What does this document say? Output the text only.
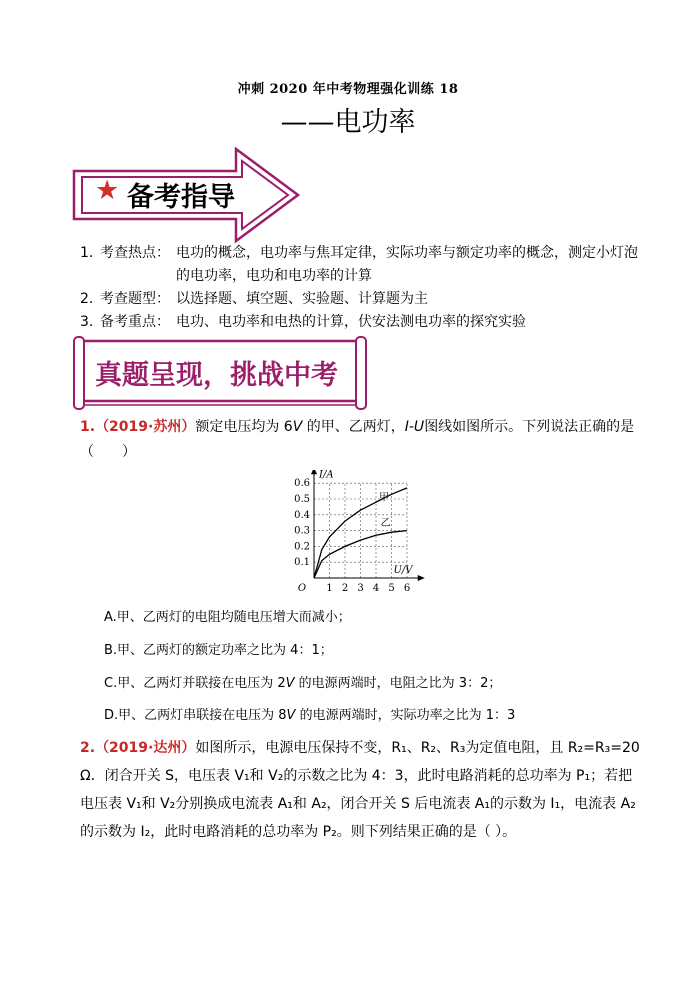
冲刺 2020 年中考物理强化训练 18
——电功率
★ 备考指导
1. 考查热点： 电功的概念，电功率与焦耳定律，实际功率与额定功率的概念，测定小灯泡的电功率，电功和电功率的计算
2. 考查题型： 以选择题、填空题、实验题、计算题为主
3. 备考重点： 电功、电功率和电热的计算，伏安法测电功率的探究实验
真题呈现，挑战中考
1.（2019·苏州）额定电压均为 6V 的甲、乙两灯，I-U图线如图所示。下列说法正确的是
（　　）
1 2 3 4 5 6
0.1
0.2
0.3
0.4
0.5
0.6
O
U/V
I/A
甲
乙
A.甲、乙两灯的电阻均随电压增大而减小；
B.甲、乙两灯的额定功率之比为 4：1；
C.甲、乙两灯并联接在电压为 2V 的电源两端时，电阻之比为 3：2；
D.甲、乙两灯串联接在电压为 8V 的电源两端时，实际功率之比为 1：3
2.（2019·达州）如图所示，电源电压保持不变，R₁、R₂、R₃为定值电阻，且 R₂=R₃=20
Ω．闭合开关 S，电压表 V₁和 V₂的示数之比为 4：3，此时电路消耗的总功率为 P₁；若把
电压表 V₁和 V₂分别换成电流表 A₁和 A₂，闭合开关 S 后电流表 A₁的示数为 I₁，电流表 A₂
的示数为 I₂，此时电路消耗的总功率为 P₂。则下列结果正确的是（ ）。
